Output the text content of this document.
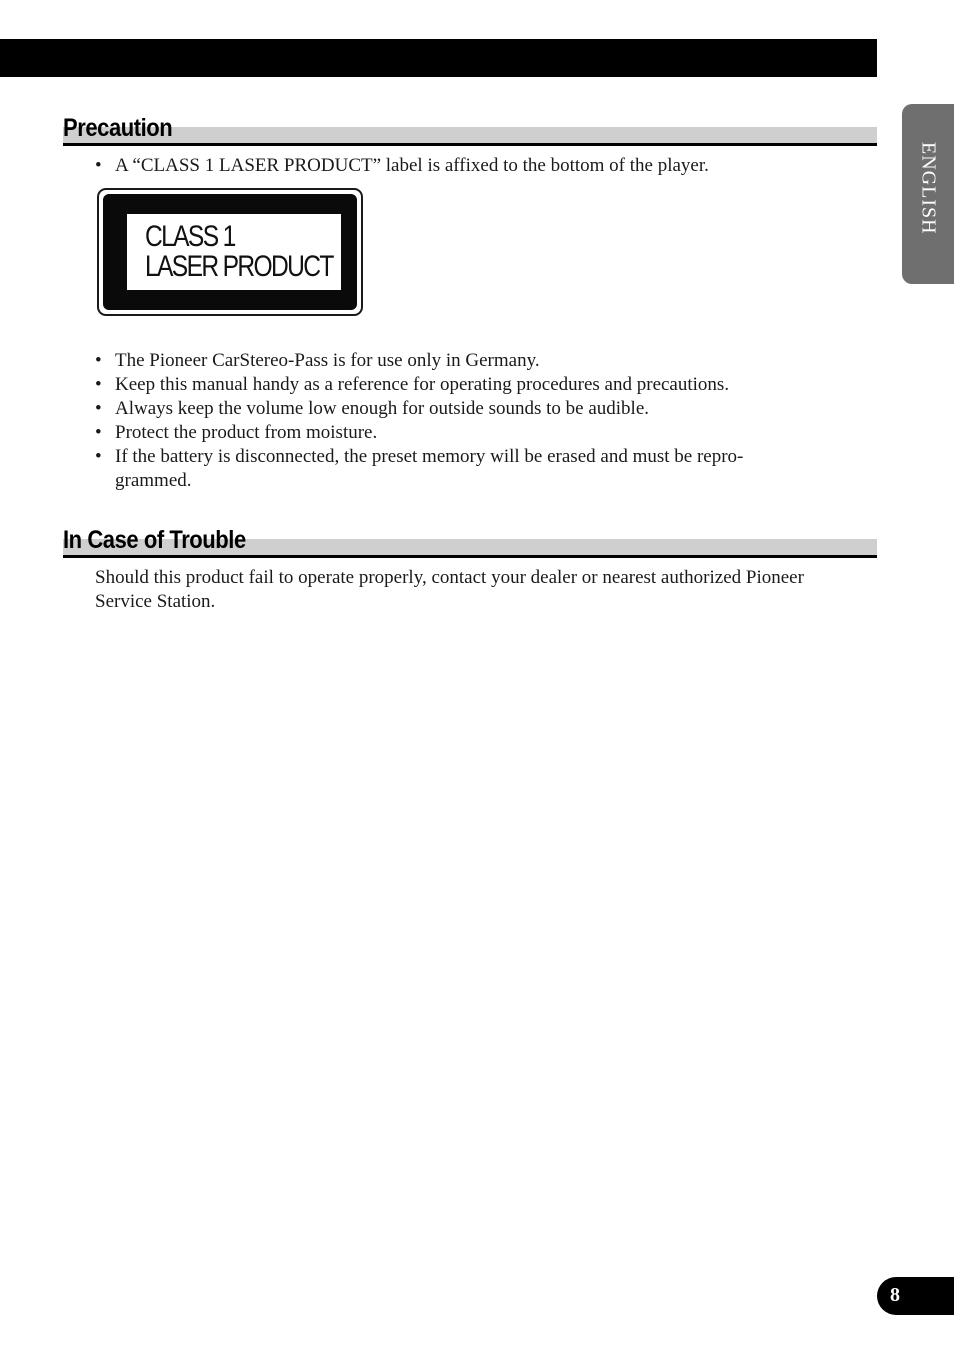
ENGLISH
Precaution
• A “CLASS 1 LASER PRODUCT” label is affixed to the bottom of the player.
CLASS 1
LASER PRODUCT
• The Pioneer CarStereo-Pass is for use only in Germany.
• Keep this manual handy as a reference for operating procedures and precautions.
• Always keep the volume low enough for outside sounds to be audible.
• Protect the product from moisture.
• If the battery is disconnected, the preset memory will be erased and must be repro-grammed.
In Case of Trouble

Should this product fail to operate properly, contact your dealer or nearest authorized Pioneer Service Station.

8
